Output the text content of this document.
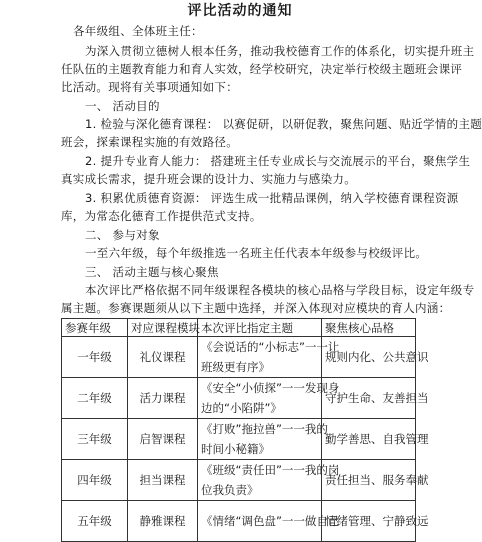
评比活动的通知
各年级组、全体班主任：
为深入贯彻立德树人根本任务，推动我校德育工作的体系化，切实提升班主
任队伍的主题教育能力和育人实效，经学校研究，决定举行校级主题班会课评
比活动。现将有关事项通知如下：
一、 活动目的
1. 检验与深化德育课程： 以赛促研，以研促教，聚焦问题、贴近学情的主题
班会，探索课程实施的有效路径。
2. 提升专业育人能力： 搭建班主任专业成长与交流展示的平台，聚焦学生
真实成长需求，提升班会课的设计力、实施力与感染力。
3. 积累优质德育资源： 评选生成一批精品课例，纳入学校德育课程资源
库，为常态化德育工作提供范式支持。
二、 参与对象
一至六年级，每个年级推选一名班主任代表本年级参与校级评比。
三、 活动主题与核心聚焦
本次评比严格依据不同年级课程各模块的核心品格与学段目标，设定年级专
属主题。参赛课题须从以下主题中选择，并深入体现对应模块的育人内涵：
参赛年级	对应课程模块	本次评比指定主题	聚焦核心品格
一年级	礼仪课程	《会说话的“小标志”一一让
班级更有序》	规则内化、公共意识
二年级	活力课程	《安全“小侦探”一一发现身
边的“小陷阱”》	守护生命、友善担当
三年级	启智课程	《打败”拖拉兽”一一我的
时间小秘籍》	勤学善思、自我管理
四年级	担当课程	《班级“责任田”一一我的岗
位我负责》	责任担当、服务奉献
五年级	静雅课程	《情绪“调色盘”一一做自己	情绪管理、宁静致远
